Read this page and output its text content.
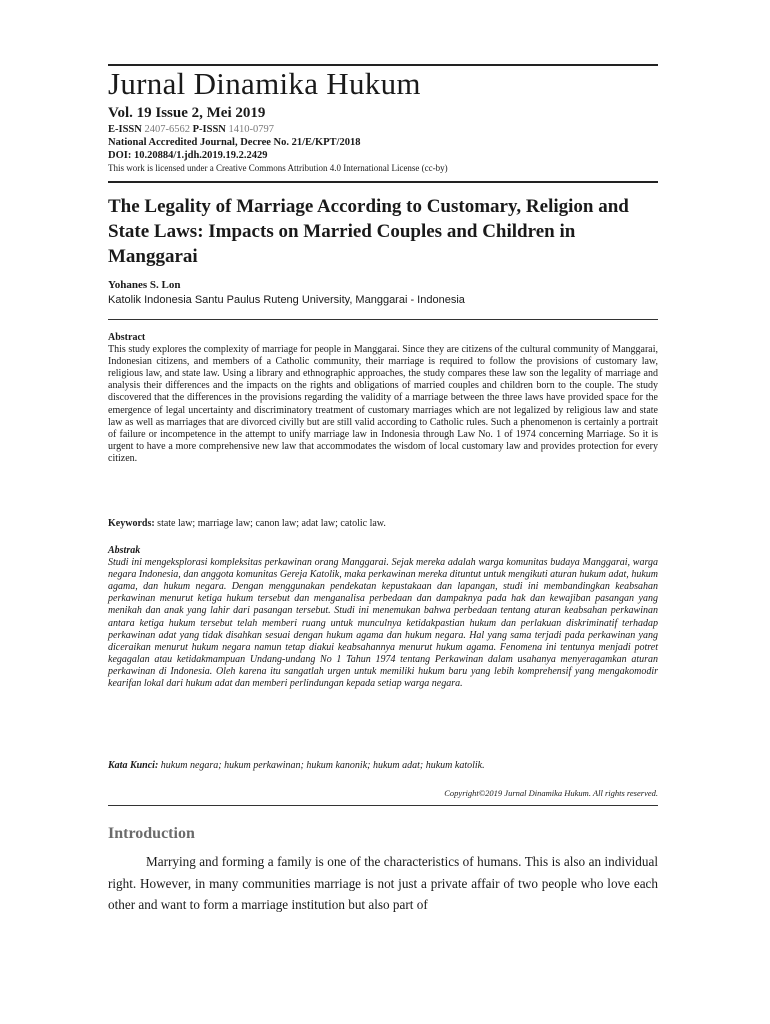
Jurnal Dinamika Hukum
Vol. 19 Issue 2, Mei 2019
E-ISSN 2407-6562 P-ISSN 1410-0797
National Accredited Journal, Decree No. 21/E/KPT/2018
DOI: 10.20884/1.jdh.2019.19.2.2429
This work is licensed under a Creative Commons Attribution 4.0 International License (cc-by)
The Legality of Marriage According to Customary, Religion and State Laws: Impacts on Married Couples and Children in Manggarai
Yohanes S. Lon
Katolik Indonesia Santu Paulus Ruteng University, Manggarai - Indonesia
Abstract
This study explores the complexity of marriage for people in Manggarai. Since they are citizens of the cultural community of Manggarai, Indonesian citizens, and members of a Catholic community, their marriage is required to follow the provisions of customary law, religious law, and state law. Using a library and ethnographic approaches, the study compares these law son the legality of marriage and analysis their differences and the impacts on the rights and obligations of married couples and children born to the couple. The study discovered that the differences in the provisions regarding the validity of a marriage between the three laws have provided space for the emergence of legal uncertainty and discriminatory treatment of customary marriages which are not legalized by religious law and state law as well as marriages that are divorced civilly but are still valid according to Catholic rules. Such a phenomenon is certainly a portrait of failure or incompetence in the attempt to unify marriage law in Indonesia through Law No. 1 of 1974 concerning Marriage. So it is urgent to have a more comprehensive new law that accommodates the wisdom of local customary law and provides protection for every citizen.
Keywords: state law; marriage law; canon law; adat law; catolic law.
Abstrak
Studi ini mengeksplorasi kompleksitas perkawinan orang Manggarai. Sejak mereka adalah warga komunitas budaya Manggarai, warga negara Indonesia, dan anggota komunitas Gereja Katolik, maka perkawinan mereka dituntut untuk mengikuti aturan hukum adat, hukum agama, dan hukum negara. Dengan menggunakan pendekatan kepustakaan dan lapangan, studi ini membandingkan keabsahan perkawinan menurut ketiga hukum tersebut dan menganalisa perbedaan dan dampaknya pada hak dan kewajiban pasangan yang menikah dan anak yang lahir dari pasangan tersebut. Studi ini menemukan bahwa perbedaan tentang aturan keabsahan perkawinan antara ketiga hukum tersebut telah memberi ruang untuk munculnya ketidakpastian hukum dan perlakuan diskriminatif terhadap perkawinan adat yang tidak disahkan sesuai dengan hukum agama dan hukum negara. Hal yang sama terjadi pada perkawinan yang diceraikan menurut hukum negara namun tetap diakui keabsahannya menurut hukum agama. Fenomena ini tentunya menjadi potret kegagalan atau ketidakmampuan Undang-undang No 1 Tahun 1974 tentang Perkawinan dalam usahanya menyeragamkan aturan perkawinan di Indonesia. Oleh karena itu sangatlah urgen untuk memiliki hukum baru yang lebih komprehensif yang mengakomodir kearifan lokal dari hukum adat dan memberi perlindungan kepada setiap warga negara.
Kata Kunci: hukum negara; hukum perkawinan; hukum kanonik; hukum adat; hukum katolik.
Copyright©2019 Jurnal Dinamika Hukum. All rights reserved.
Introduction

Marrying and forming a family is one of the characteristics of humans. This is also an individual right. However, in many communities marriage is not just a private affair of two people who love each other and want to form a marriage institution but also part of
